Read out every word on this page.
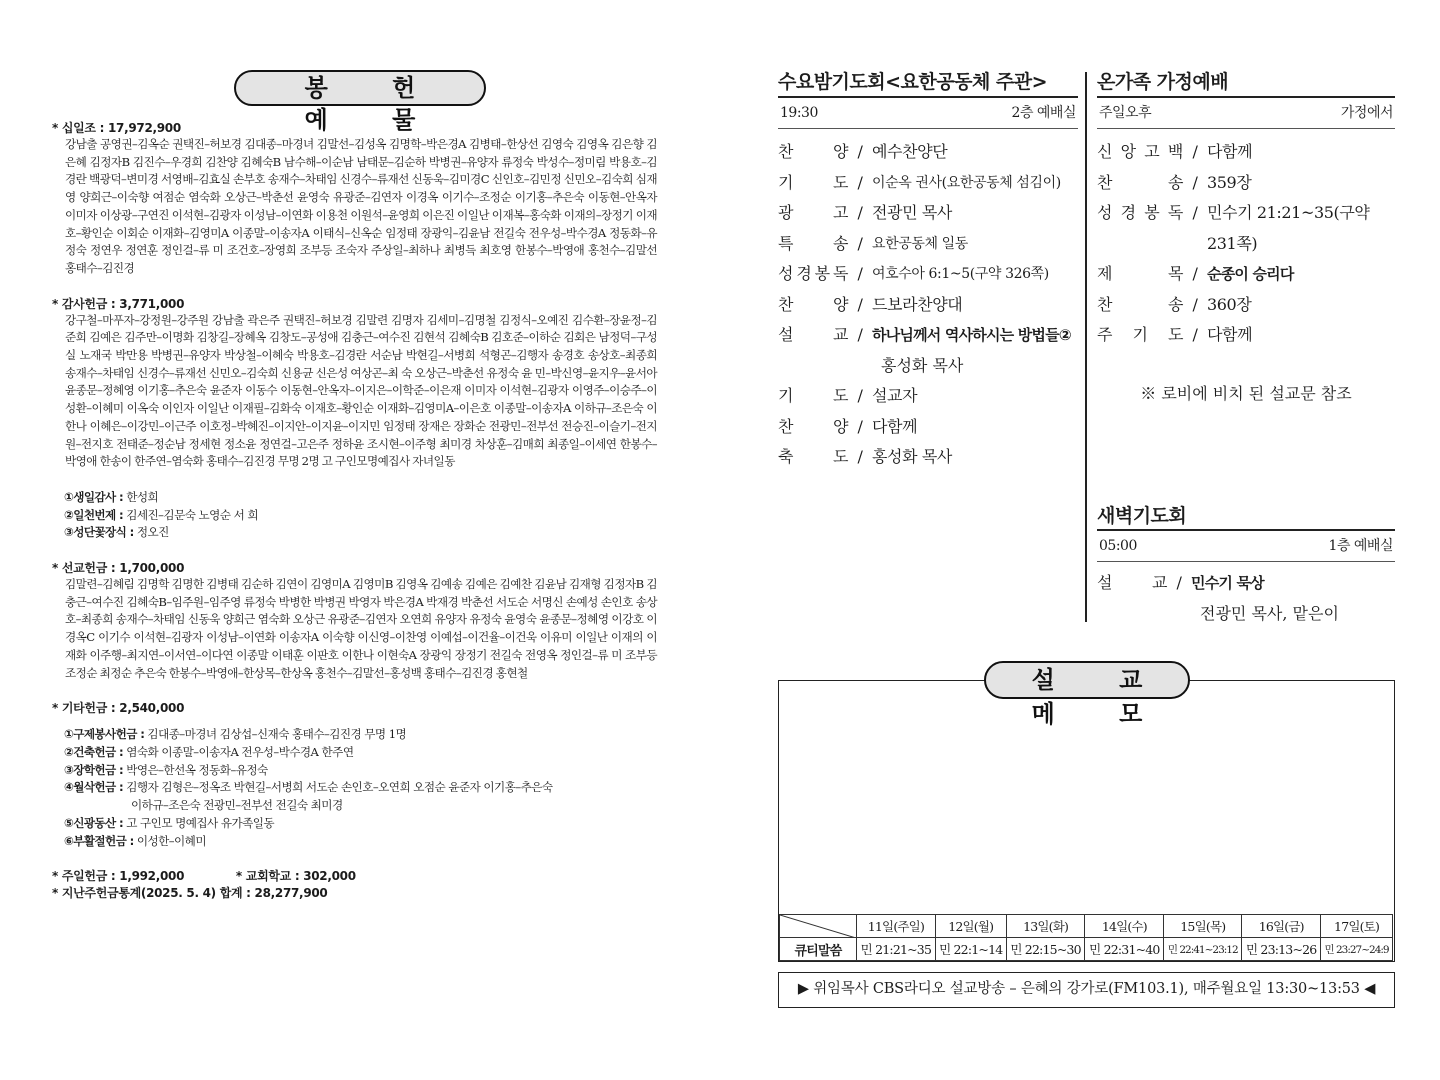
봉 헌 예 물

* 십일조 : 17,972,900

강남출 공영권–김옥순 권택진–허보경 김대종–마경녀 김말선–김성옥 김명학–박은경A 김병태–한상선 김영숙 김영옥 김은향 김은혜 김정자B 김진수–우경희 김찬양 김혜숙B 남수해–이순남 남태문–김순하 박병권–유양자 류정숙 박성수–정미림 박용호–김경란 백광덕–변미경 서영배–김효실 손부호 송재수–차태임 신경수–류재선 신동욱–김미경C 신인호–김민정 신민오–김숙희 심재영 양희근–이숙향 여점순 염숙화 오상근–박춘선 윤영숙 유광준–김연자 이경옥 이기수–조정순 이기홍–추은숙 이동현–안옥자 이미자 이상광–구연진 이석현–김광자 이성남–이연화 이용천 이원석–윤영희 이은진 이일난 이재복–홍숙화 이재의–장정기 이재호–황인순 이회순 이재화–김영미A 이종말–이송자A 이태식–신옥순 임정태 장광익–김윤남 전길숙 전우성–박수경A 정동화–유정숙 정연우 정연훈 정인걸–류 미 조건호–장영희 조부등 조숙자 주상일–최하나 최병득 최호영 한봉수–박영애 홍천수–김말선 홍태수–김진경

* 감사헌금 : 3,771,000

강구철–마푸자–강정원–강주원 강남출 곽은주 권택진–허보경 김말련 김명자 김세미–김명철 김정식–오예진 김수환–장윤정–김준희 김예은 김주만–이명화 김창길–장혜옥 김창도–공성애 김충근–여수진 김현석 김혜숙B 김호준–이하순 김회은 남정덕–구성실 노재국 박만용 박병권–유양자 박상철–이혜숙 박용호–김경란 서순남 박현길–서병희 석형곤–김행자 송경호 송상호–최종희 송재수–차태임 신경수–류재선 신민오–김숙희 신용균 신은성 여상곤–최 숙 오상근–박춘선 유정숙 윤 민–박신영–윤지우–윤서아 윤종문–정혜영 이기홍–추은숙 윤준자 이동수 이동현–안옥자–이지은–이학준–이은재 이미자 이석현–김광자 이영주–이승주–이성환–이혜미 이옥숙 이인자 이일난 이재필–김화숙 이재호–황인순 이재화–김영미A–이은호 이종말–이송자A 이하규–조은숙 이한나 이혜은–이강민–이근주 이호정–박혜진–이지안–이지윤–이지민 임정태 장재은 장화순 전광민–전부선 전승진–이슬기–전지원–전지호 전태준–정순남 정세현 정소윤 정연걸–고은주 정하윤 조시현–이주형 최미경 차상훈–김매희 최종일–이세연 한봉수–박영애 한송이 한주연–염숙화 홍태수–김진경 무명 2명 고 구인모명예집사 자녀일동

①생일감사 : 한성희

②일천번제 : 김세진–김문숙 노영순 서 희

③성단꽃장식 : 정오진

* 선교헌금 : 1,700,000

김말련–김혜림 김명학 김명한 김병태 김순하 김연이 김영미A 김영미B 김영옥 김예송 김예은 김예찬 김윤남 김재형 김정자B 김충근–여수진 김혜숙B–임주원–임주영 류정숙 박병한 박병권 박영자 박은경A 박재경 박춘선 서도순 서명신 손예성 손인호 송상호–최종희 송재수–차태임 신동욱 양희근 염숙화 오상근 유광준–김연자 오연희 유양자 유정숙 윤영숙 윤종문–정혜영 이강호 이경옥C 이기수 이석현–김광자 이성남–이연화 이송자A 이숙향 이신영–이찬영 이예섭–이건율–이건욱 이유미 이일난 이재의 이재화 이주행–최지연–이서연–이다연 이종말 이태훈 이판호 이한나 이현숙A 장광익 장정기 전길숙 전영옥 정인걸–류 미 조부등 조정순 최정순 추은숙 한봉수–박영애–한상목–한상옥 홍천수–김말선–홍성백 홍태수–김진경 홍현철

* 기타헌금 : 2,540,000

①구제봉사헌금 : 김대종–마경녀 김상섭–신재숙 홍태수–김진경 무명 1명

②건축헌금 : 염숙화 이종말–이송자A 전우성–박수경A 한주연

③장학헌금 : 박영은–한선옥 정동화–유정숙

④월삭헌금 : 김행자 김형은–정옥조 박현길–서병희 서도순 손인호–오연희 오점순 윤준자 이기홍–추은숙
이하규–조은숙 전광민–전부선 전길숙 최미경

⑤신광동산 : 고 구인모 명예집사 유가족일동

⑥부활절헌금 : 이성한–이혜미

* 주일헌금 : 1,992,000	* 교회학교 : 302,000

* 지난주헌금통계(2025. 5. 4) 합계 : 28,277,900

수요밤기도회<요한공동체 주관>
19:30	2층 예배실
찬 양 / 예수찬양단
기 도 / 이순옥 권사(요한공동체 섬김이)
광 고 / 전광민 목사
특 송 / 요한공동체 일동
성 경 봉 독 / 여호수아 6:1~5(구약 326쪽)
찬 양 / 드보라찬양대
설 교 / 하나님께서 역사하시는 방법들②
홍성화 목사
기 도 / 설교자
찬 양 / 다함께
축 도 / 홍성화 목사
온가족 가정예배
주일오후	가정에서
신 앙 고 백 / 다함께
찬	송 / 359장
성 경 봉 독 / 민수기 21:21~35(구약 231쪽)
제	목 / 순종이 승리다
찬	송 / 360장
주 기 도 / 다함께
※ 로비에 비치 된 설교문 참조
새벽기도회
05:00	1층 예배실
설 교 / 민수기 묵상
전광민 목사, 맡은이
	11일(주일)	12일(월)	13일(화)	14일(수)	15일(목)	16일(금)	17일(토)
큐티말씀	민 21:21~35	민 22:1~14	민 22:15~30	민 22:31~40	민 22:41~23:12	민 23:13~26	민 23:27~24:9
설 교 메 모
▶ 위임목사 CBS라디오 설교방송 – 은혜의 강가로(FM103.1), 매주월요일 13:30~13:53 ◀
